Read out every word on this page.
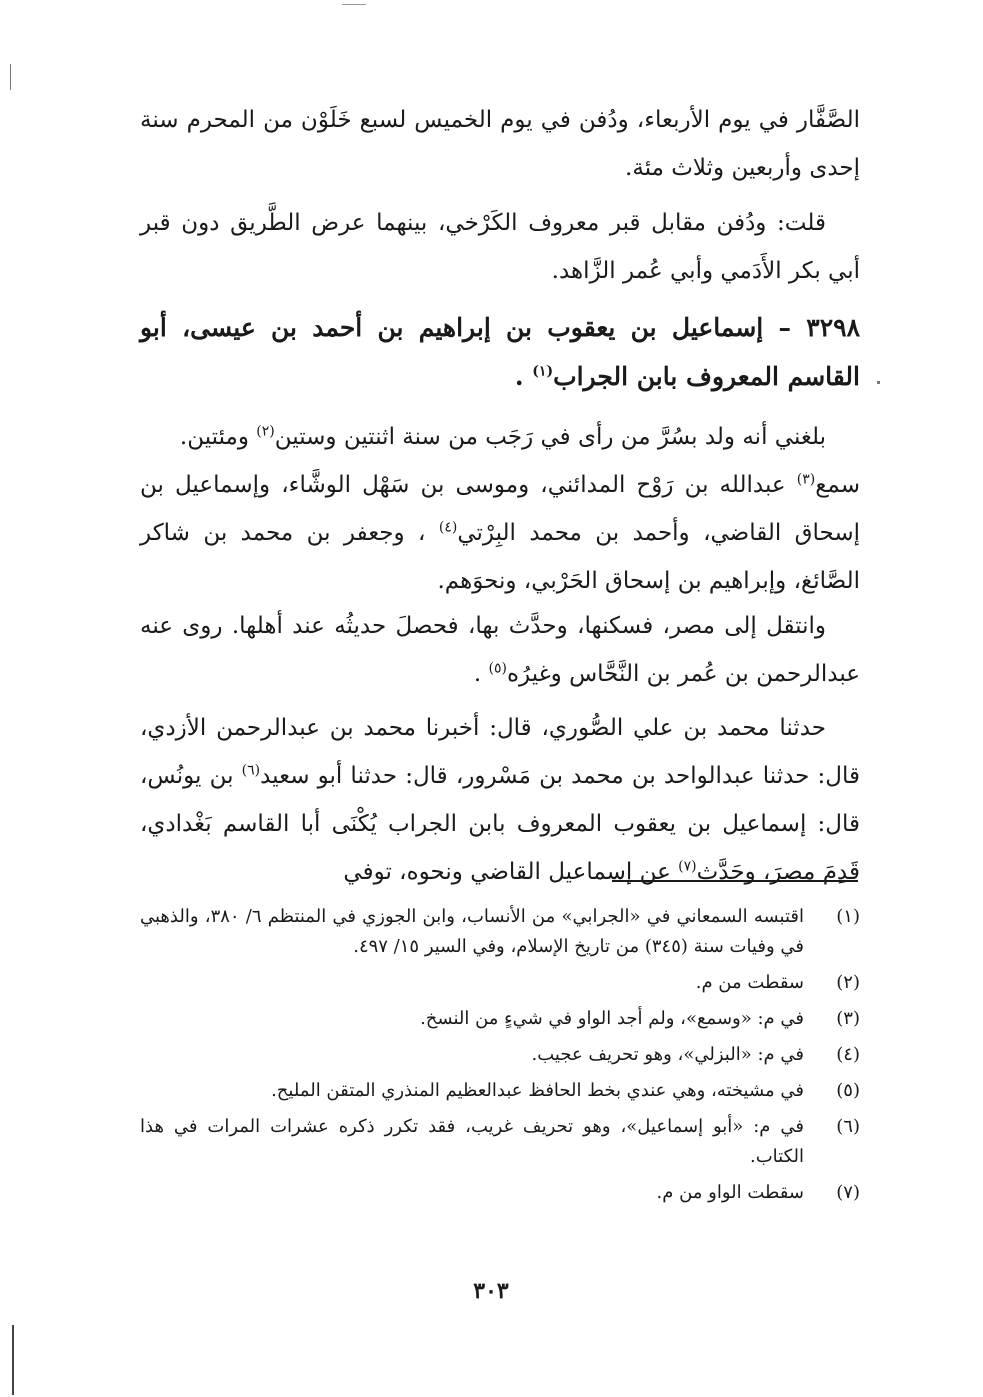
الصَّفَّار في يوم الأربعاء، ودُفن في يوم الخميس لسبع خَلَوْن من المحرم سنة إحدى وأربعين وثلاث مئة.

قلت: ودُفن مقابل قبر معروف الكَرْخي، بينهما عرض الطَّريق دون قبر أبي بكر الأَدَمي وأبي عُمر الزَّاهد.

٣٢٩٨ – إسماعيل بن يعقوب بن إبراهيم بن أحمد بن عيسى، أبو القاسم المعروف بابن الجراب$^{(١)}$ .

بلغني أنه ولد بسُرَّ من رأى في رَجَب من سنة اثنتين وستين$^{(٢)}$ ومئتين.

سمع$^{(٣)}$ عبدالله بن رَوْح المدائني، وموسى بن سَهْل الوشَّاء، وإسماعيل بن إسحاق القاضي، وأحمد بن محمد البِرْتي$^{(٤)}$ ، وجعفر بن محمد بن شاكر الصَّائغ، وإبراهيم بن إسحاق الحَرْبي، ونحوَهم.

وانتقل إلى مصر، فسكنها، وحدَّث بها، فحصلَ حديثُه عند أهلها. روى عنه عبدالرحمن بن عُمر بن النَّحَّاس وغيرُه$^{(٥)}$ .

حدثنا محمد بن علي الصُّوري، قال: أخبرنا محمد بن عبدالرحمن الأزدي، قال: حدثنا عبدالواحد بن محمد بن مَسْرور، قال: حدثنا أبو سعيد$^{(٦)}$ بن يونُس، قال: إسماعيل بن يعقوب المعروف بابن الجراب يُكْنَى أبا القاسم بَغْدادي، قَدِمَ مصرَ، وحَدَّث$^{(٧)}$ عن إسماعيل القاضي ونحوه، توفي

(١)
اقتبسه السمعاني في «الجرابي» من الأنساب، وابن الجوزي في المنتظم ٦/ ٣٨٠، والذهبي في وفيات سنة (٣٤٥) من تاريخ الإسلام، وفي السير ١٥/ ٤٩٧.
(٢)
سقطت من م.
(٣)
في م: «وسمع»، ولم أجد الواو في شيءٍ من النسخ.
(٤)
في م: «البزلي»، وهو تحريف عجيب.
(٥)
في مشيخته، وهي عندي بخط الحافظ عبدالعظيم المنذري المتقن المليح.
(٦)
في م: «أبو إسماعيل»، وهو تحريف غريب، فقد تكرر ذكره عشرات المرات في هذا الكتاب.
(٧)
سقطت الواو من م.
٣٠٣
